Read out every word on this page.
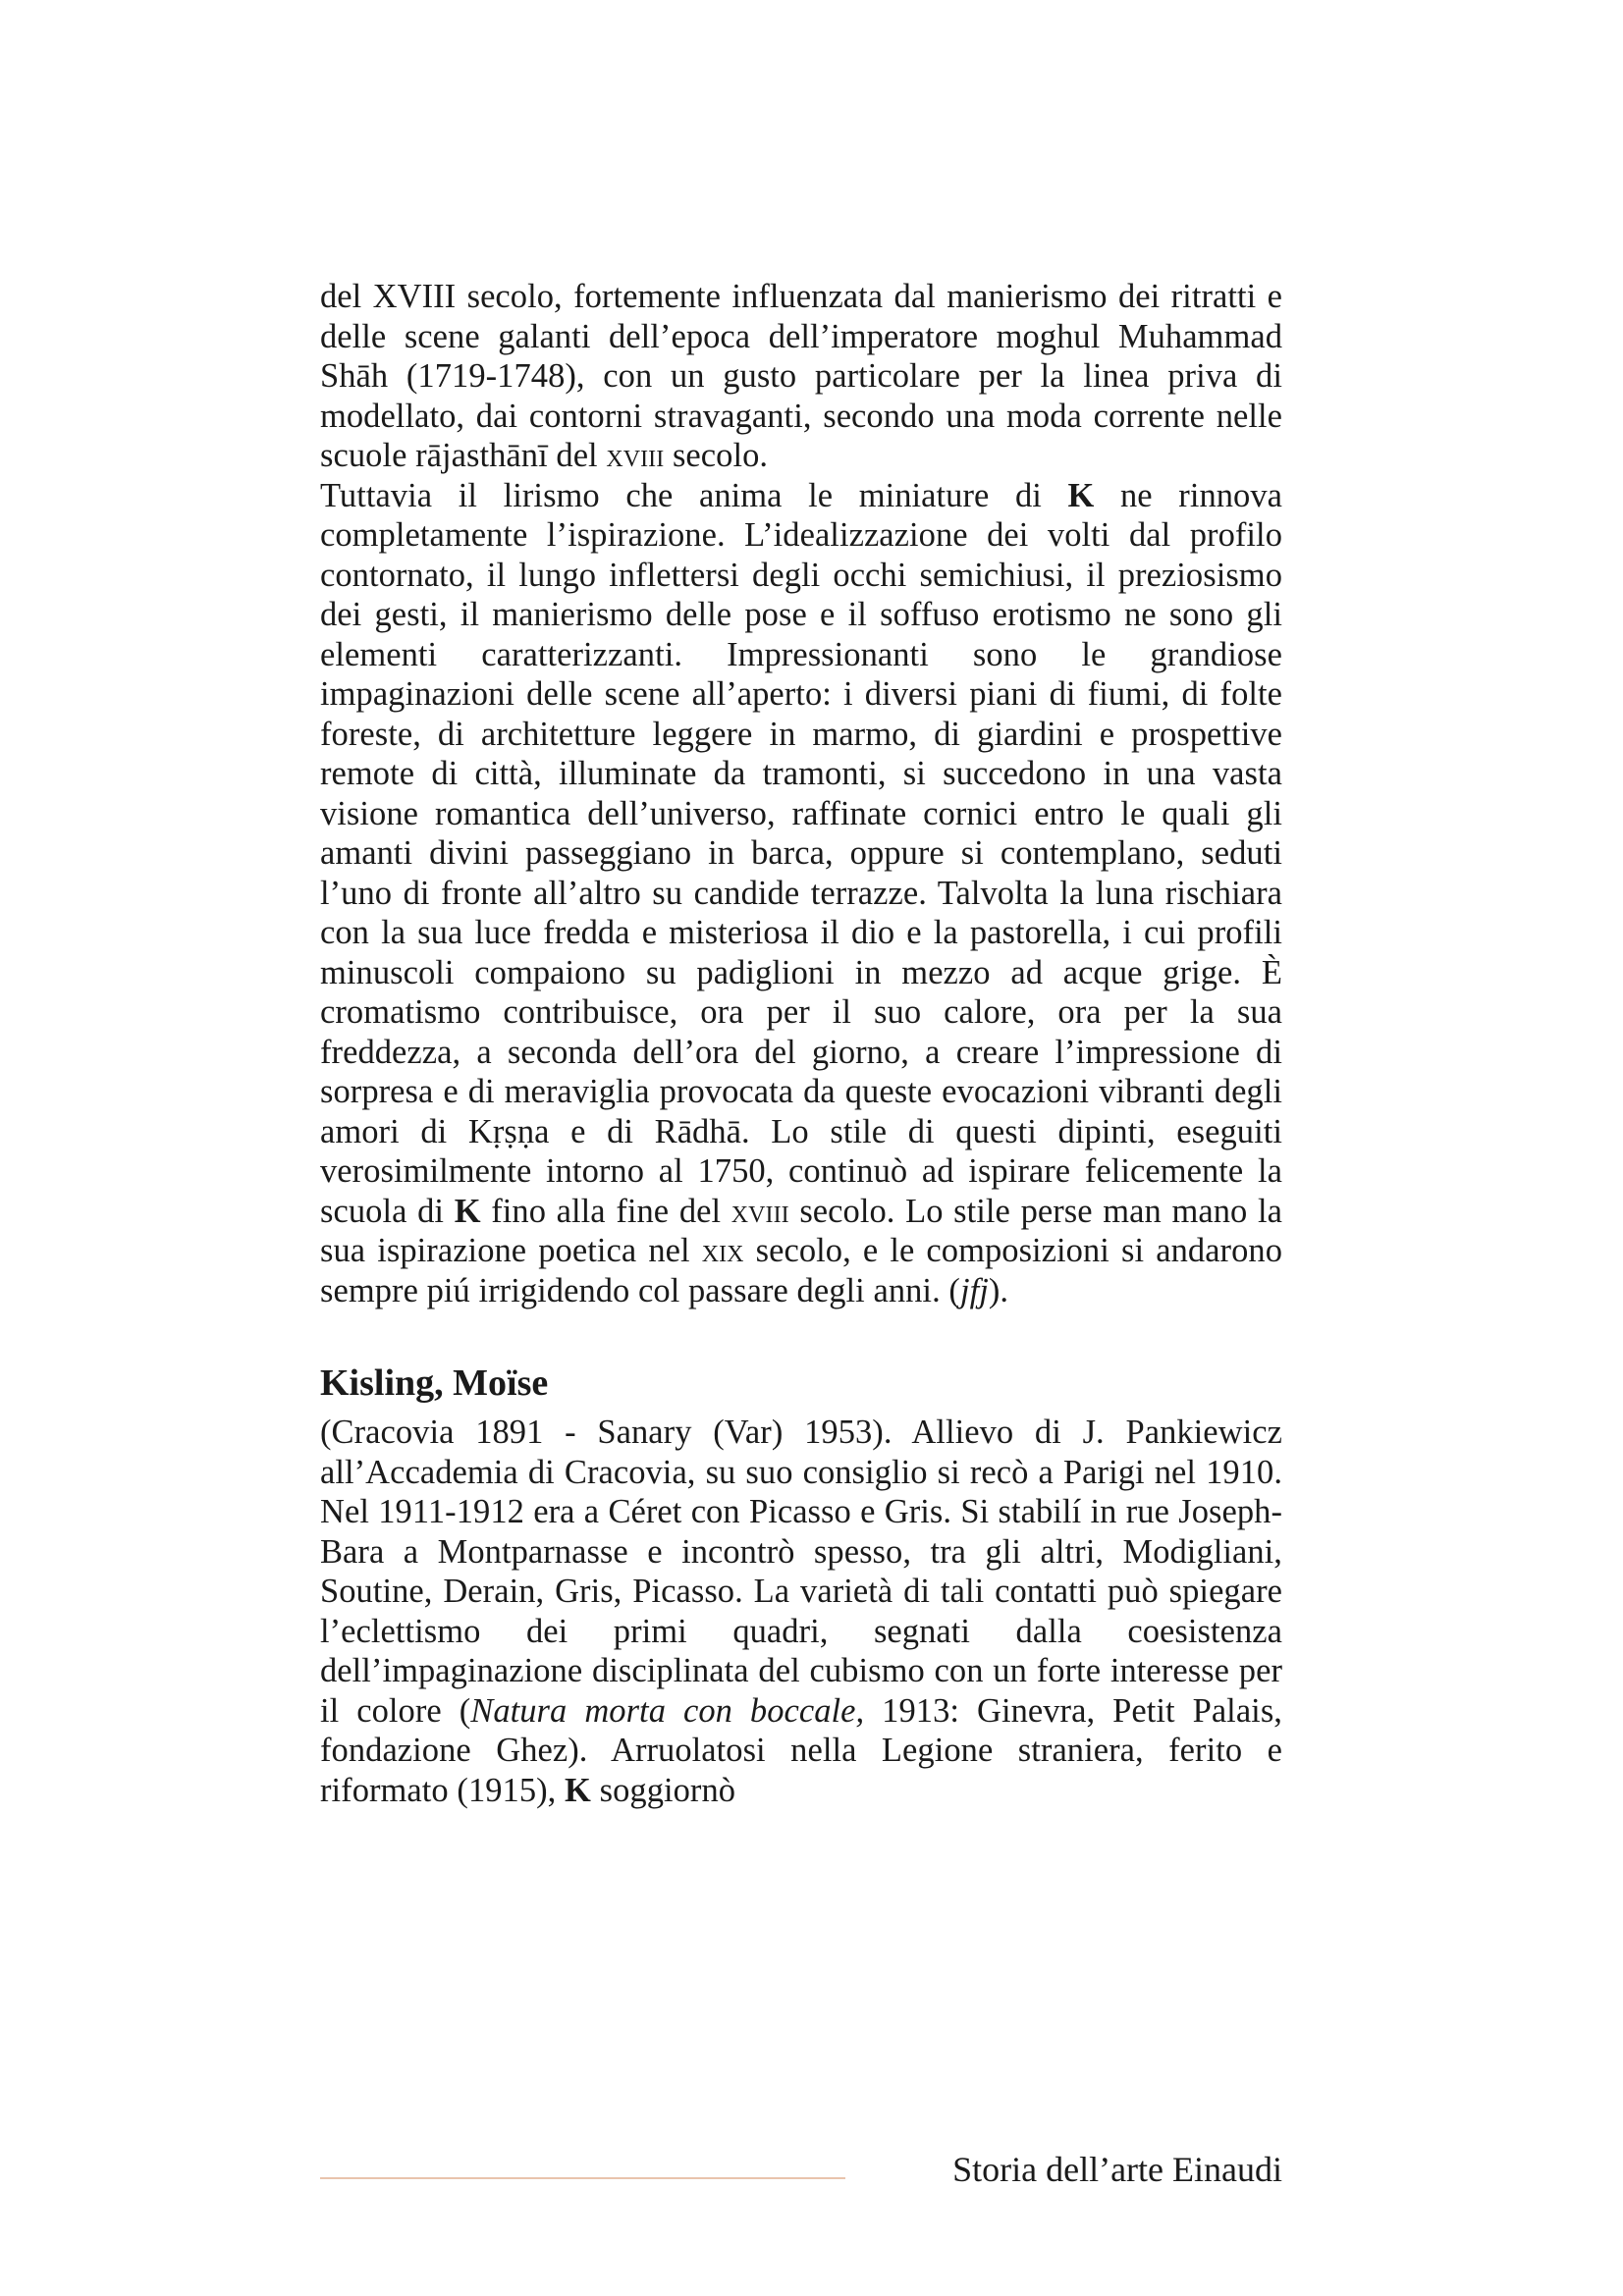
del XVIII secolo, fortemente influenzata dal manierismo dei ritratti e delle scene galanti dell’epoca dell’imperatore moghul Muhammad Shāh (1719-1748), con un gusto particolare per la linea priva di modellato, dai contorni stravaganti, secondo una moda corrente nelle scuole rājasthānī del xviii secolo.

Tuttavia il lirismo che anima le miniature di K ne rinnova completamente l’ispirazione. L’idealizzazione dei volti dal profilo contornato, il lungo inflettersi degli occhi semichiusi, il preziosismo dei gesti, il manierismo delle pose e il soffuso erotismo ne sono gli elementi caratterizzanti. Impressionanti sono le grandiose impaginazioni delle scene all’aperto: i diversi piani di fiumi, di folte foreste, di architetture leggere in marmo, di giardini e prospettive remote di città, illuminate da tramonti, si succedono in una vasta visione romantica dell’universo, raffinate cornici entro le quali gli amanti divini passeggiano in barca, oppure si contemplano, seduti l’uno di fronte all’altro su candide terrazze. Talvolta la luna rischiara con la sua luce fredda e misteriosa il dio e la pastorella, i cui profili minuscoli compaiono su padiglioni in mezzo ad acque grige. È cromatismo contribuisce, ora per il suo calore, ora per la sua freddezza, a seconda dell’ora del giorno, a creare l’impressione di sorpresa e di meraviglia provocata da queste evocazioni vibranti degli amori di Kṛṣṇa e di Rādhā. Lo stile di questi dipinti, eseguiti verosimilmente intorno al 1750, continuò ad ispirare felicemente la scuola di K fino alla fine del xviii secolo. Lo stile perse man mano la sua ispirazione poetica nel xix secolo, e le composizioni si andarono sempre piú irrigidendo col passare degli anni. (jfj).

Kisling, Moïse

(Cracovia 1891 - Sanary (Var) 1953). Allievo di J. Pankiewicz all’Accademia di Cracovia, su suo consiglio si recò a Parigi nel 1910. Nel 1911-1912 era a Céret con Picasso e Gris. Si stabilí in rue Joseph-Bara a Montparnasse e incontrò spesso, tra gli altri, Modigliani, Soutine, Derain, Gris, Picasso. La varietà di tali contatti può spiegare l’eclettismo dei primi quadri, segnati dalla coesistenza dell’impaginazione disciplinata del cubismo con un forte interesse per il colore (Natura morta con boccale, 1913: Ginevra, Petit Palais, fondazione Ghez). Arruolatosi nella Legione straniera, ferito e riformato (1915), K soggiornò

Storia dell’arte Einaudi
